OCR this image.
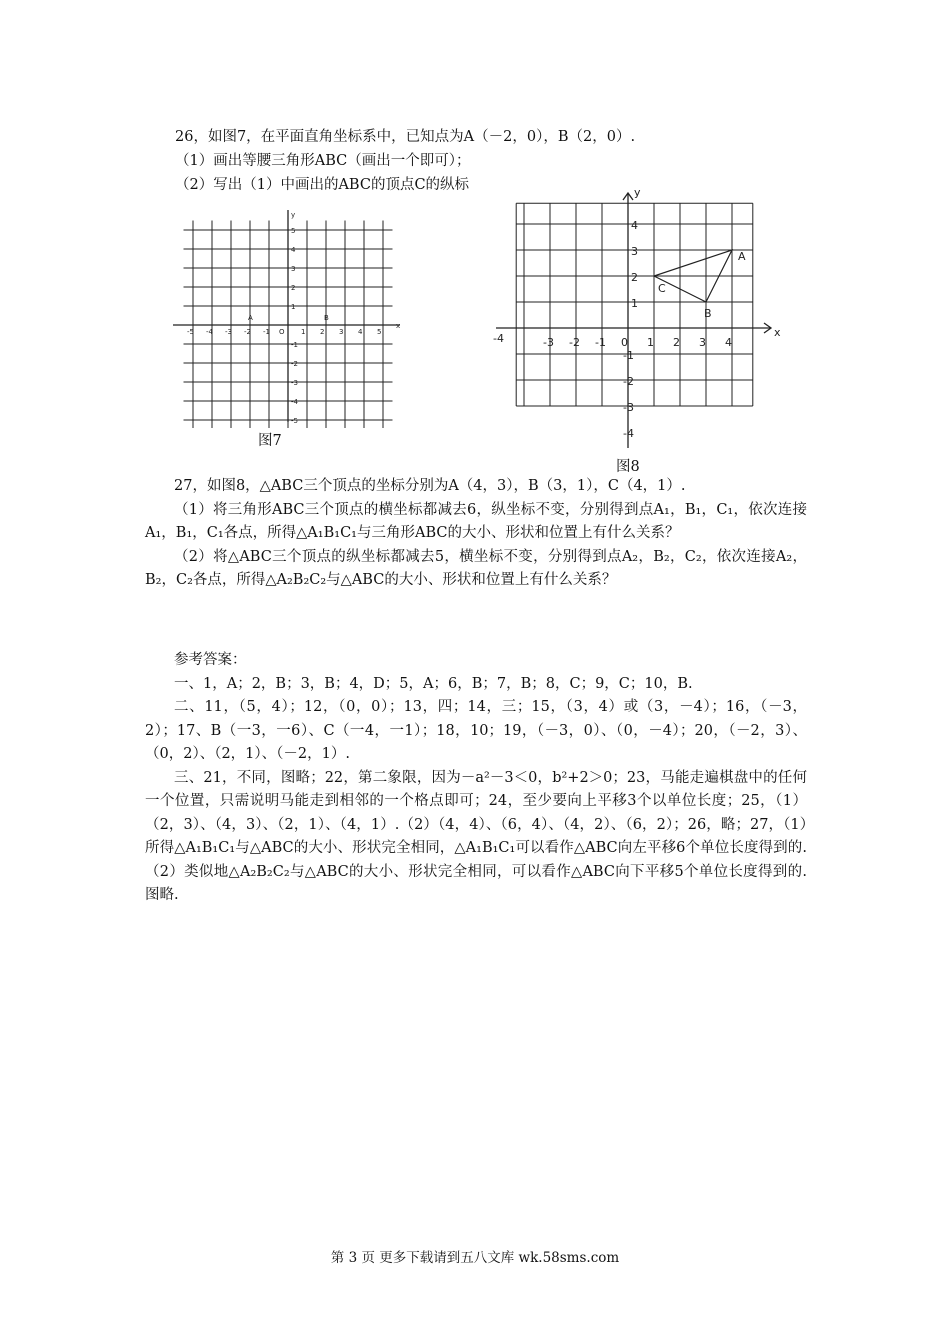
26，如图7，在平面直角坐标系中，已知点为A（－2，0），B（2，0）.
（1）画出等腰三角形ABC（画出一个即可）；
（2）写出（1）中画出的ABC的顶点C的纵标
-5 -4 -3 -2 -1	1 2 3 4 5
5
4
3
2
1
-1
-2
-3
-4
-5
O
x
y
A	B
图7
-4	-3 -2 -1 0 1 2 3 4
4
3
2
1
-1
-2
-3
-4
x
y
A
B
C
图8

27，如图8，△ABC三个顶点的坐标分别为A（4，3），B（3，1），C（4，1）.

（1）将三角形ABC三个顶点的横坐标都减去6，纵坐标不变，分别得到点A₁，B₁，C₁，依次连接A₁，B₁，C₁各点，所得△A₁B₁C₁与三角形ABC的大小、形状和位置上有什么关系？

（2）将△ABC三个顶点的纵坐标都减去5，横坐标不变，分别得到点A₂，B₂，C₂，依次连接A₂，B₂，C₂各点，所得△A₂B₂C₂与△ABC的大小、形状和位置上有什么关系？

参考答案：

一、1，A；2，B；3，B；4，D；5，A；6，B；7，B；8，C；9，C；10，B.

二、11，（5，4）；12，（0，0）；13，四；14，三；15，（3，4）或（3，－4）；16，（－3，2）；17、B（一3，一6）、C（一4，一1）；18，10；19，（－3，0）、（0，－4）；20，（－2，3）、（0，2）、（2，1）、（－2，1）.

三、21，不同，图略；22，第二象限，因为－a²－3＜0，b²+2＞0；23，马能走遍棋盘中的任何一个位置，只需说明马能走到相邻的一个格点即可；24，至少要向上平移3个以单位长度；25，（1）（2，3）、（4，3）、（2，1）、（4，1）.（2）（4，4）、（6，4）、（4，2）、（6，2）；26，略；27，（1）所得△A₁B₁C₁与△ABC的大小、形状完全相同，△A₁B₁C₁可以看作△ABC向左平移6个单位长度得到的.（2）类似地△A₂B₂C₂与△ABC的大小、形状完全相同，可以看作△ABC向下平移5个单位长度得到的.图略.

第 3 页 更多下载请到五八文库 wk.58sms.com
